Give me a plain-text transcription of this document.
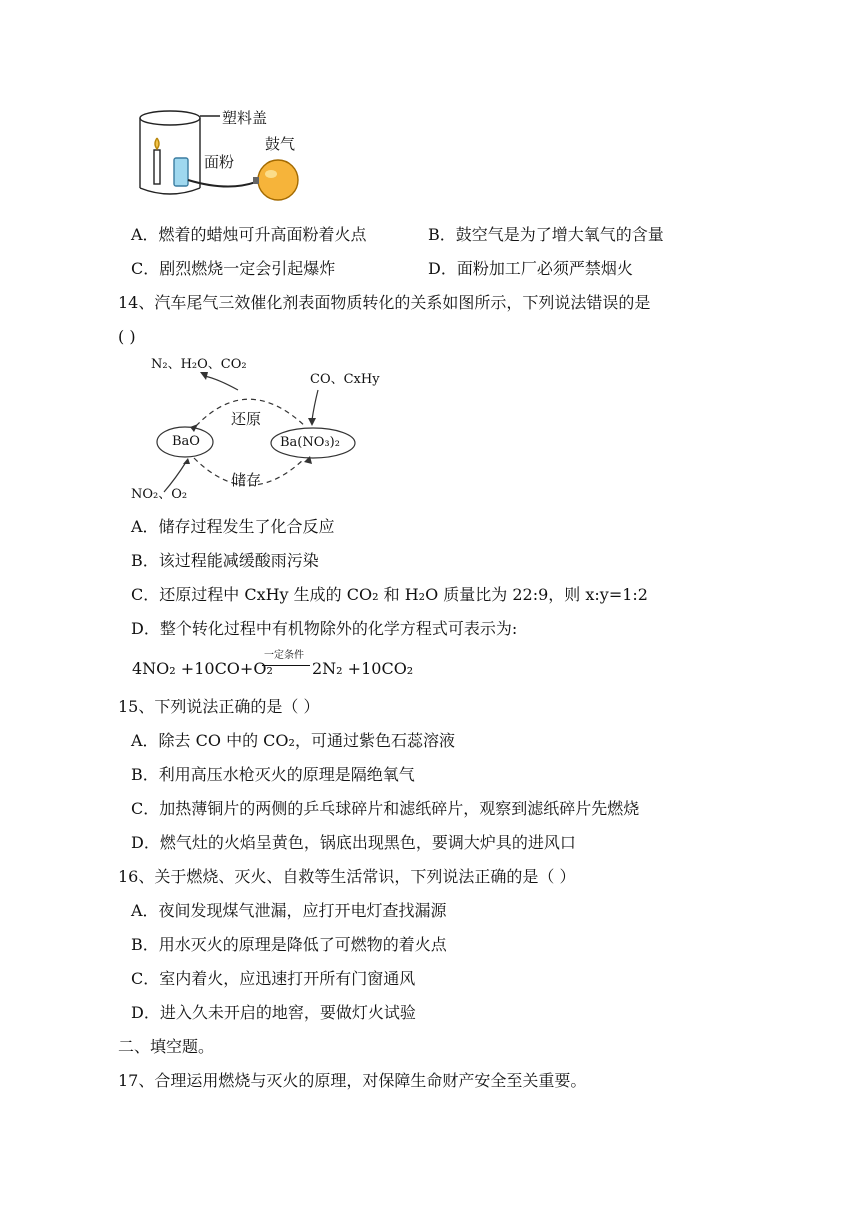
塑料盖
面粉
鼓气
A．燃着的蜡烛可升高面粉着火点	B．鼓空气是为了增大氧气的含量
C．剧烈燃烧一定会引起爆炸	D．面粉加工厂必须严禁烟火
14、汽车尾气三效催化剂表面物质转化的关系如图所示，下列说法错误的是
( )
N₂、H₂O、CO₂
CO、CxHy
还原
储存
BaO	Ba(NO₃)₂
NO₂、O₂
A．储存过程发生了化合反应
B．该过程能减缓酸雨污染
C．还原过程中 CxHy 生成的 CO₂ 和 H₂O 质量比为 22:9，则 x:y=1:2
D．整个转化过程中有机物除外的化学方程式可表示为:
4NO₂ +10CO+O₂
一定条件
2N₂ +10CO₂
15、下列说法正确的是（ ）
A．除去 CO 中的 CO₂，可通过紫色石蕊溶液
B．利用高压水枪灭火的原理是隔绝氧气
C．加热薄铜片的两侧的乒乓球碎片和滤纸碎片，观察到滤纸碎片先燃烧
D．燃气灶的火焰呈黄色，锅底出现黑色，要调大炉具的进风口
16、关于燃烧、灭火、自救等生活常识，下列说法正确的是（ ）
A．夜间发现煤气泄漏，应打开电灯查找漏源
B．用水灭火的原理是降低了可燃物的着火点
C．室内着火，应迅速打开所有门窗通风
D．进入久未开启的地窖，要做灯火试验
二、填空题。
17、合理运用燃烧与灭火的原理，对保障生命财产安全至关重要。
